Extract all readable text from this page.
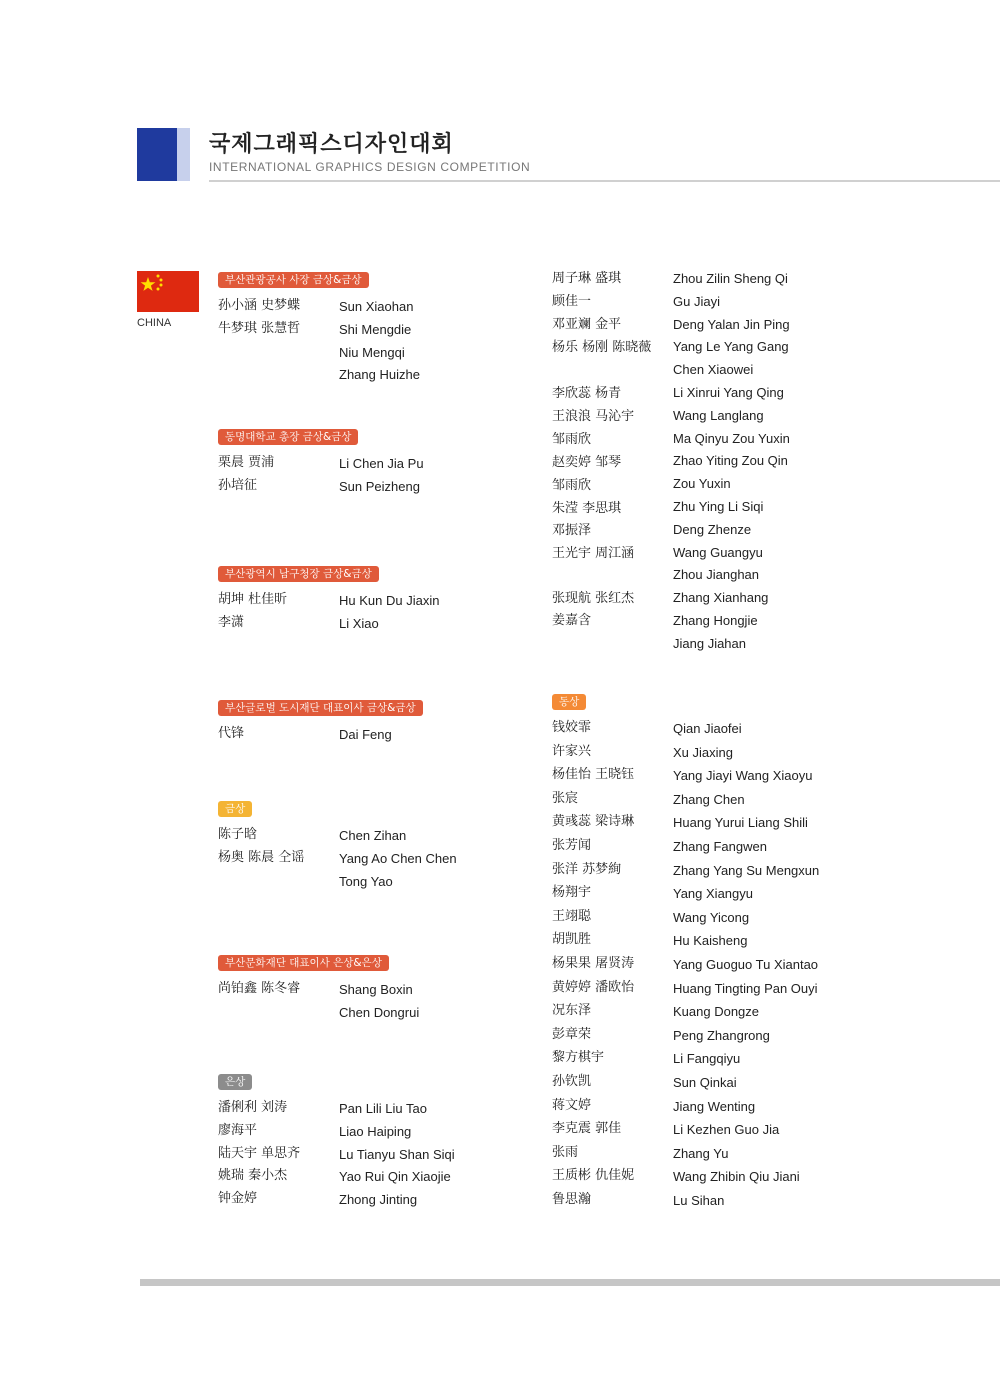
국제그래픽스디자인대회
INTERNATIONAL GRAPHICS DESIGN COMPETITION
CHINA
부산관광공사 사장 금상&금상
孙小涵 史梦蝶
牛梦琪 张慧哲
Sun Xiaohan
Shi Mengdie
Niu Mengqi
Zhang Huizhe
동명대학교 총장 금상&금상
栗晨 贾浦
孙培征
Li Chen Jia Pu
Sun Peizheng
부산광역시 남구청장 금상&금상
胡坤 杜佳昕
李潇
Hu Kun Du Jiaxin
Li Xiao
부산글로벌 도시재단 대표이사 금상&금상
代锋	Dai Feng
금상
陈子晗
杨奥 陈晨 仝谣
Chen Zihan
Yang Ao Chen Chen
Tong Yao
부산문화재단 대표이사 은상&은상
尚铂鑫 陈冬睿	Shang Boxin
Chen Dongrui
은상
潘俐利 刘涛
廖海平
陆天宇 单思齐
姚瑞 秦小杰
钟金婷
Pan Lili Liu Tao
Liao Haiping
Lu Tianyu Shan Siqi
Yao Rui Qin Xiaojie
Zhong Jinting
周子琳 盛琪
顾佳一
邓亚斓 金平
杨乐 杨刚 陈晓薇
李欣蕊 杨青
王浪浪 马沁宇
邹雨欣
赵奕婷 邹琴
邹雨欣
朱滢 李思琪
邓振泽
王光宇 周江涵
张现航 张红杰
姜嘉含
Zhou Zilin Sheng Qi
Gu Jiayi
Deng Yalan Jin Ping
Yang Le Yang Gang
Chen Xiaowei
Li Xinrui Yang Qing
Wang Langlang
Ma Qinyu Zou Yuxin
Zhao Yiting Zou Qin
Zou Yuxin
Zhu Ying Li Siqi
Deng Zhenze
Wang Guangyu
Zhou Jianghan
Zhang Xianhang
Zhang Hongjie
Jiang Jiahan
동상
钱姣霏
许家兴
杨佳怡 王晓钰
张宸
黄彧蕊 梁诗琳
张芳闻
张洋 苏梦絢
杨翔宇
王翊聪
胡凯胜
杨果果 屠贤涛
黄婷婷 潘欧怡
况东泽
彭章荣
黎方棋宇
孙钦凯
蒋文婷
李克震 郭佳
张雨
王质彬 仇佳妮
鲁思瀚
Qian Jiaofei
Xu Jiaxing
Yang Jiayi Wang Xiaoyu
Zhang Chen
Huang Yurui Liang Shili
Zhang Fangwen
Zhang Yang Su Mengxun
Yang Xiangyu
Wang Yicong
Hu Kaisheng
Yang Guoguo Tu Xiantao
Huang Tingting Pan Ouyi
Kuang Dongze
Peng Zhangrong
Li Fangqiyu
Sun Qinkai
Jiang Wenting
Li Kezhen Guo Jia
Zhang Yu
Wang Zhibin Qiu Jiani
Lu Sihan
